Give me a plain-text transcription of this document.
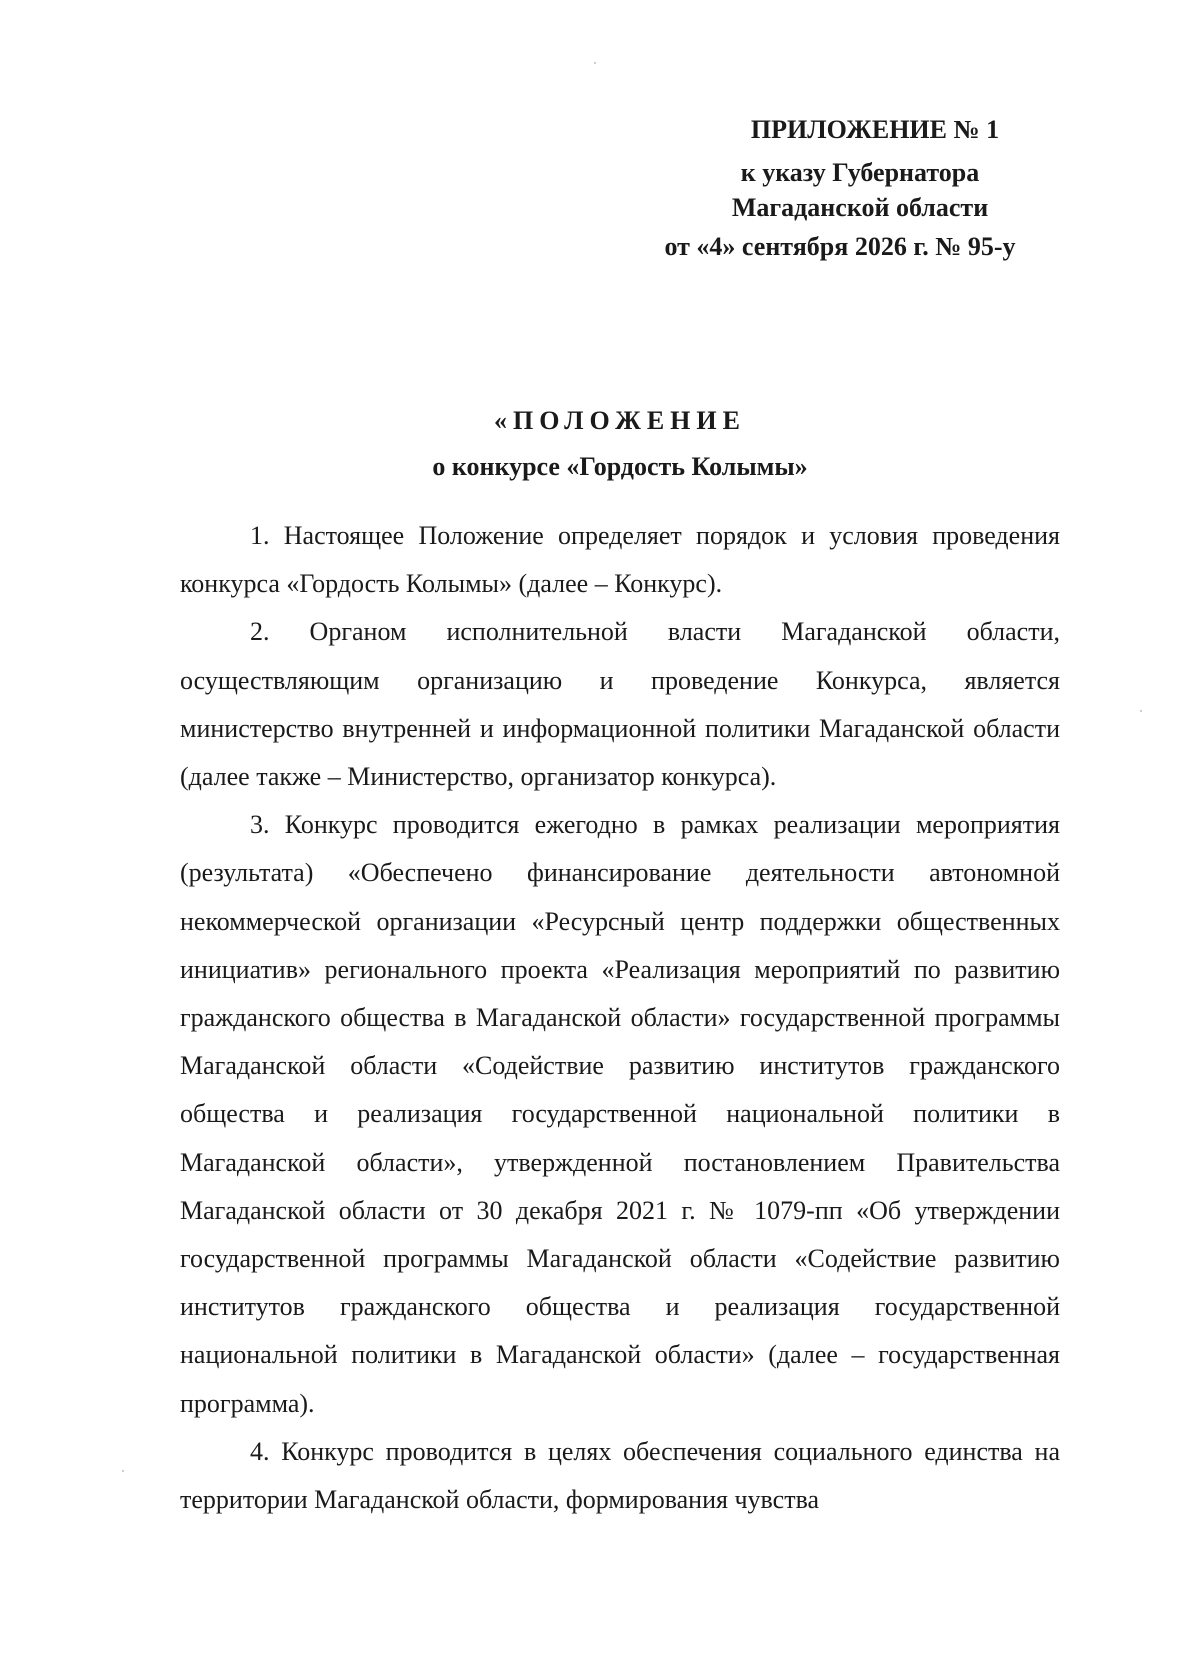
ПРИЛОЖЕНИЕ № 1
к указу Губернатора
Магаданской области
от «4» сентября 2026 г. № 95-у
«ПОЛОЖЕНИЕ
о конкурсе «Гордость Колымы»

1. Настоящее Положение определяет порядок и условия проведения конкурса «Гордость Колымы» (далее – Конкурс).

2. Органом исполнительной власти Магаданской области, осуществляющим организацию и проведение Конкурса, является министерство внутренней и информационной политики Магаданской области (далее также – Министерство, организатор конкурса).

3. Конкурс проводится ежегодно в рамках реализации мероприятия (результата) «Обеспечено финансирование деятельности автономной некоммерческой организации «Ресурсный центр поддержки общественных инициатив» регионального проекта «Реализация мероприятий по развитию гражданского общества в Магаданской области» государственной программы Магаданской области «Содействие развитию институтов гражданского общества и реализация государственной национальной политики в Магаданской области», утвержденной постановлением Правительства Магаданской области от 30 декабря 2021 г. № 1079-пп «Об утверждении государственной программы Магаданской области «Содействие развитию институтов гражданского общества и реализация государственной национальной политики в Магаданской области» (далее – государственная программа).

4. Конкурс проводится в целях обеспечения социального единства на территории Магаданской области, формирования чувства
